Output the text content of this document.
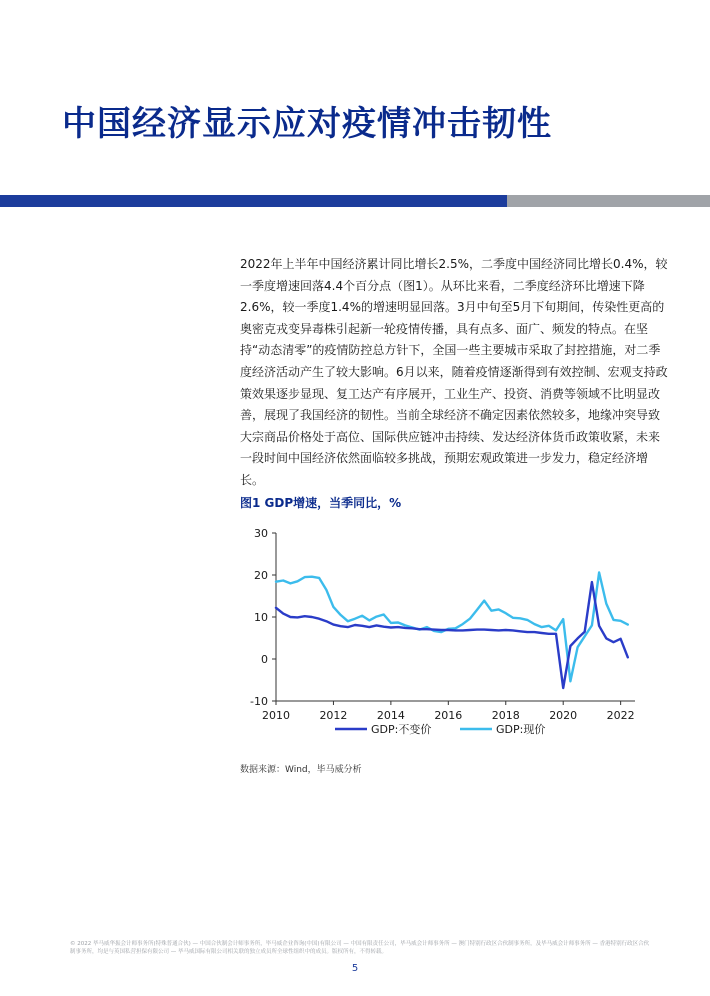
中国经济显示应对疫情冲击韧性

2022年上半年中国经济累计同比增长2.5%，二季度中国经济同比增长0.4%，较一季度增速回落4.4个百分点（图1）。从环比来看，二季度经济环比增速下降2.6%，较一季度1.4%的增速明显回落。3月中旬至5月下旬期间，传染性更高的奥密克戎变异毒株引起新一轮疫情传播，具有点多、面广、频发的特点。在坚持“动态清零”的疫情防控总方针下，全国一些主要城市采取了封控措施，对二季度经济活动产生了较大影响。6月以来，随着疫情逐渐得到有效控制、宏观支持政策效果逐步显现、复工达产有序展开，工业生产、投资、消费等领域不比明显改善，展现了我国经济的韧性。当前全球经济不确定因素依然较多，地缘冲突导致大宗商品价格处于高位、国际供应链冲击持续、发达经济体货币政策收紧，未来一段时间中国经济依然面临较多挑战，预期宏观政策进一步发力，稳定经济增长。

图1 GDP增速，当季同比，%

-10
0
10
20
30
2010	2012	2014	2016	2018	2020	2022
GDP:不变价	GDP:现价

数据来源：Wind，毕马威分析

© 2022 毕马威华振会计师事务所(特殊普通合伙) — 中国合伙制会计师事务所，毕马威企业咨询(中国)有限公司 — 中国有限责任公司，毕马威会计师事务所 — 澳门特别行政区合伙制事务所，及毕马威会计师事务所 — 香港特别行政区合伙制事务所，均是与英国私营担保有限公司 — 毕马威国际有限公司相关联的独立成员所全球性组织中的成员。版权所有，不得转载。

5
